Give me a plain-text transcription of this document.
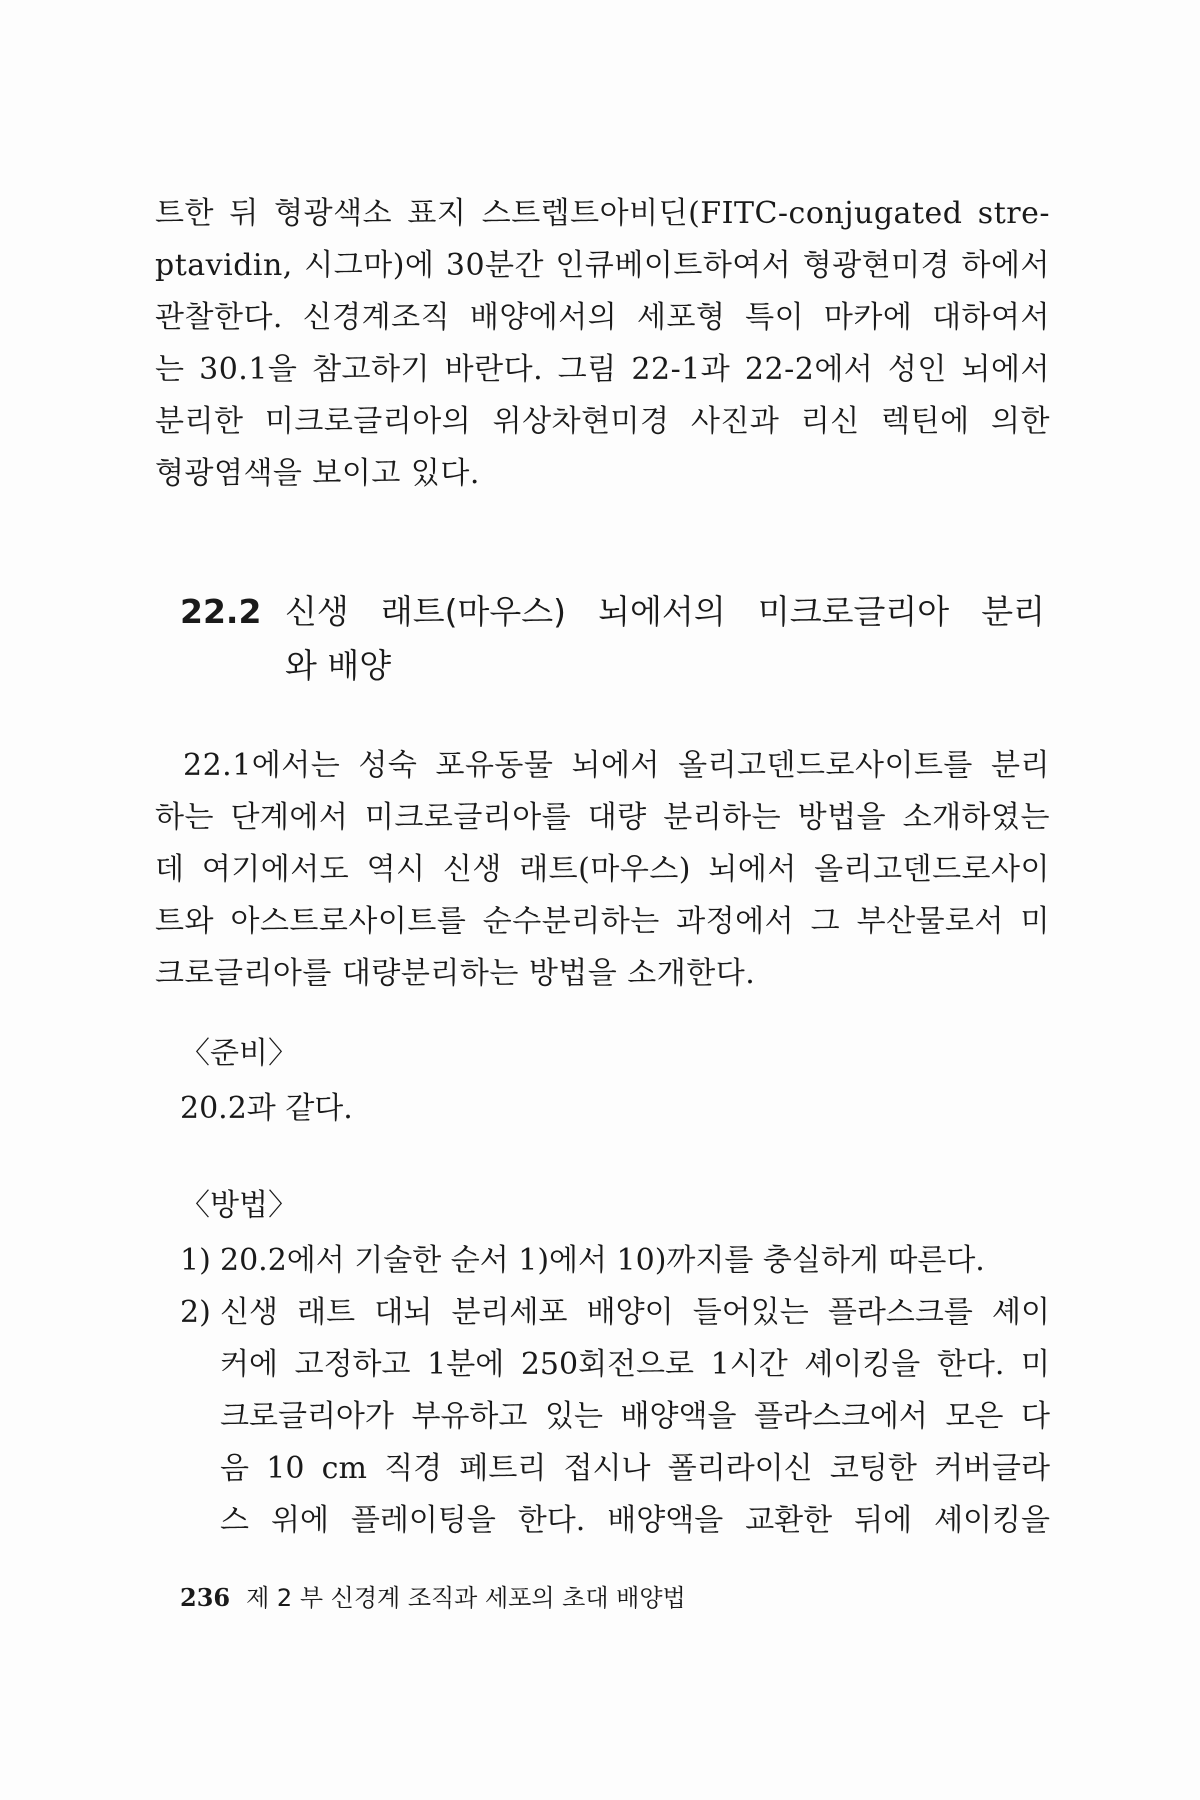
트한 뒤 형광색소 표지 스트렙트아비딘(FITC-conjugated stre-
ptavidin, 시그마)에 30분간 인큐베이트하여서 형광현미경 하에서
관찰한다. 신경계조직 배양에서의 세포형 특이 마카에 대하여서
는 30.1을 참고하기 바란다. 그림 22-1과 22-2에서 성인 뇌에서
분리한 미크로글리아의 위상차현미경 사진과 리신 렉틴에 의한
형광염색을 보이고 있다.
22.2 신생 래트(마우스) 뇌에서의 미크로글리아 분리
와 배양
22.1에서는 성숙 포유동물 뇌에서 올리고덴드로사이트를 분리
하는 단계에서 미크로글리아를 대량 분리하는 방법을 소개하였는
데 여기에서도 역시 신생 래트(마우스) 뇌에서 올리고덴드로사이
트와 아스트로사이트를 순수분리하는 과정에서 그 부산물로서 미
크로글리아를 대량분리하는 방법을 소개한다.
〈준비〉
20.2과 같다.
〈방법〉
1) 20.2에서 기술한 순서 1)에서 10)까지를 충실하게 따른다.
2) 신생 래트 대뇌 분리세포 배양이 들어있는 플라스크를 셰이
커에 고정하고 1분에 250회전으로 1시간 셰이킹을 한다. 미
크로글리아가 부유하고 있는 배양액을 플라스크에서 모은 다
음 10 cm 직경 페트리 접시나 폴리라이신 코팅한 커버글라
스 위에 플레이팅을 한다. 배양액을 교환한 뒤에 셰이킹을
236 제 2 부 신경계 조직과 세포의 초대 배양법
